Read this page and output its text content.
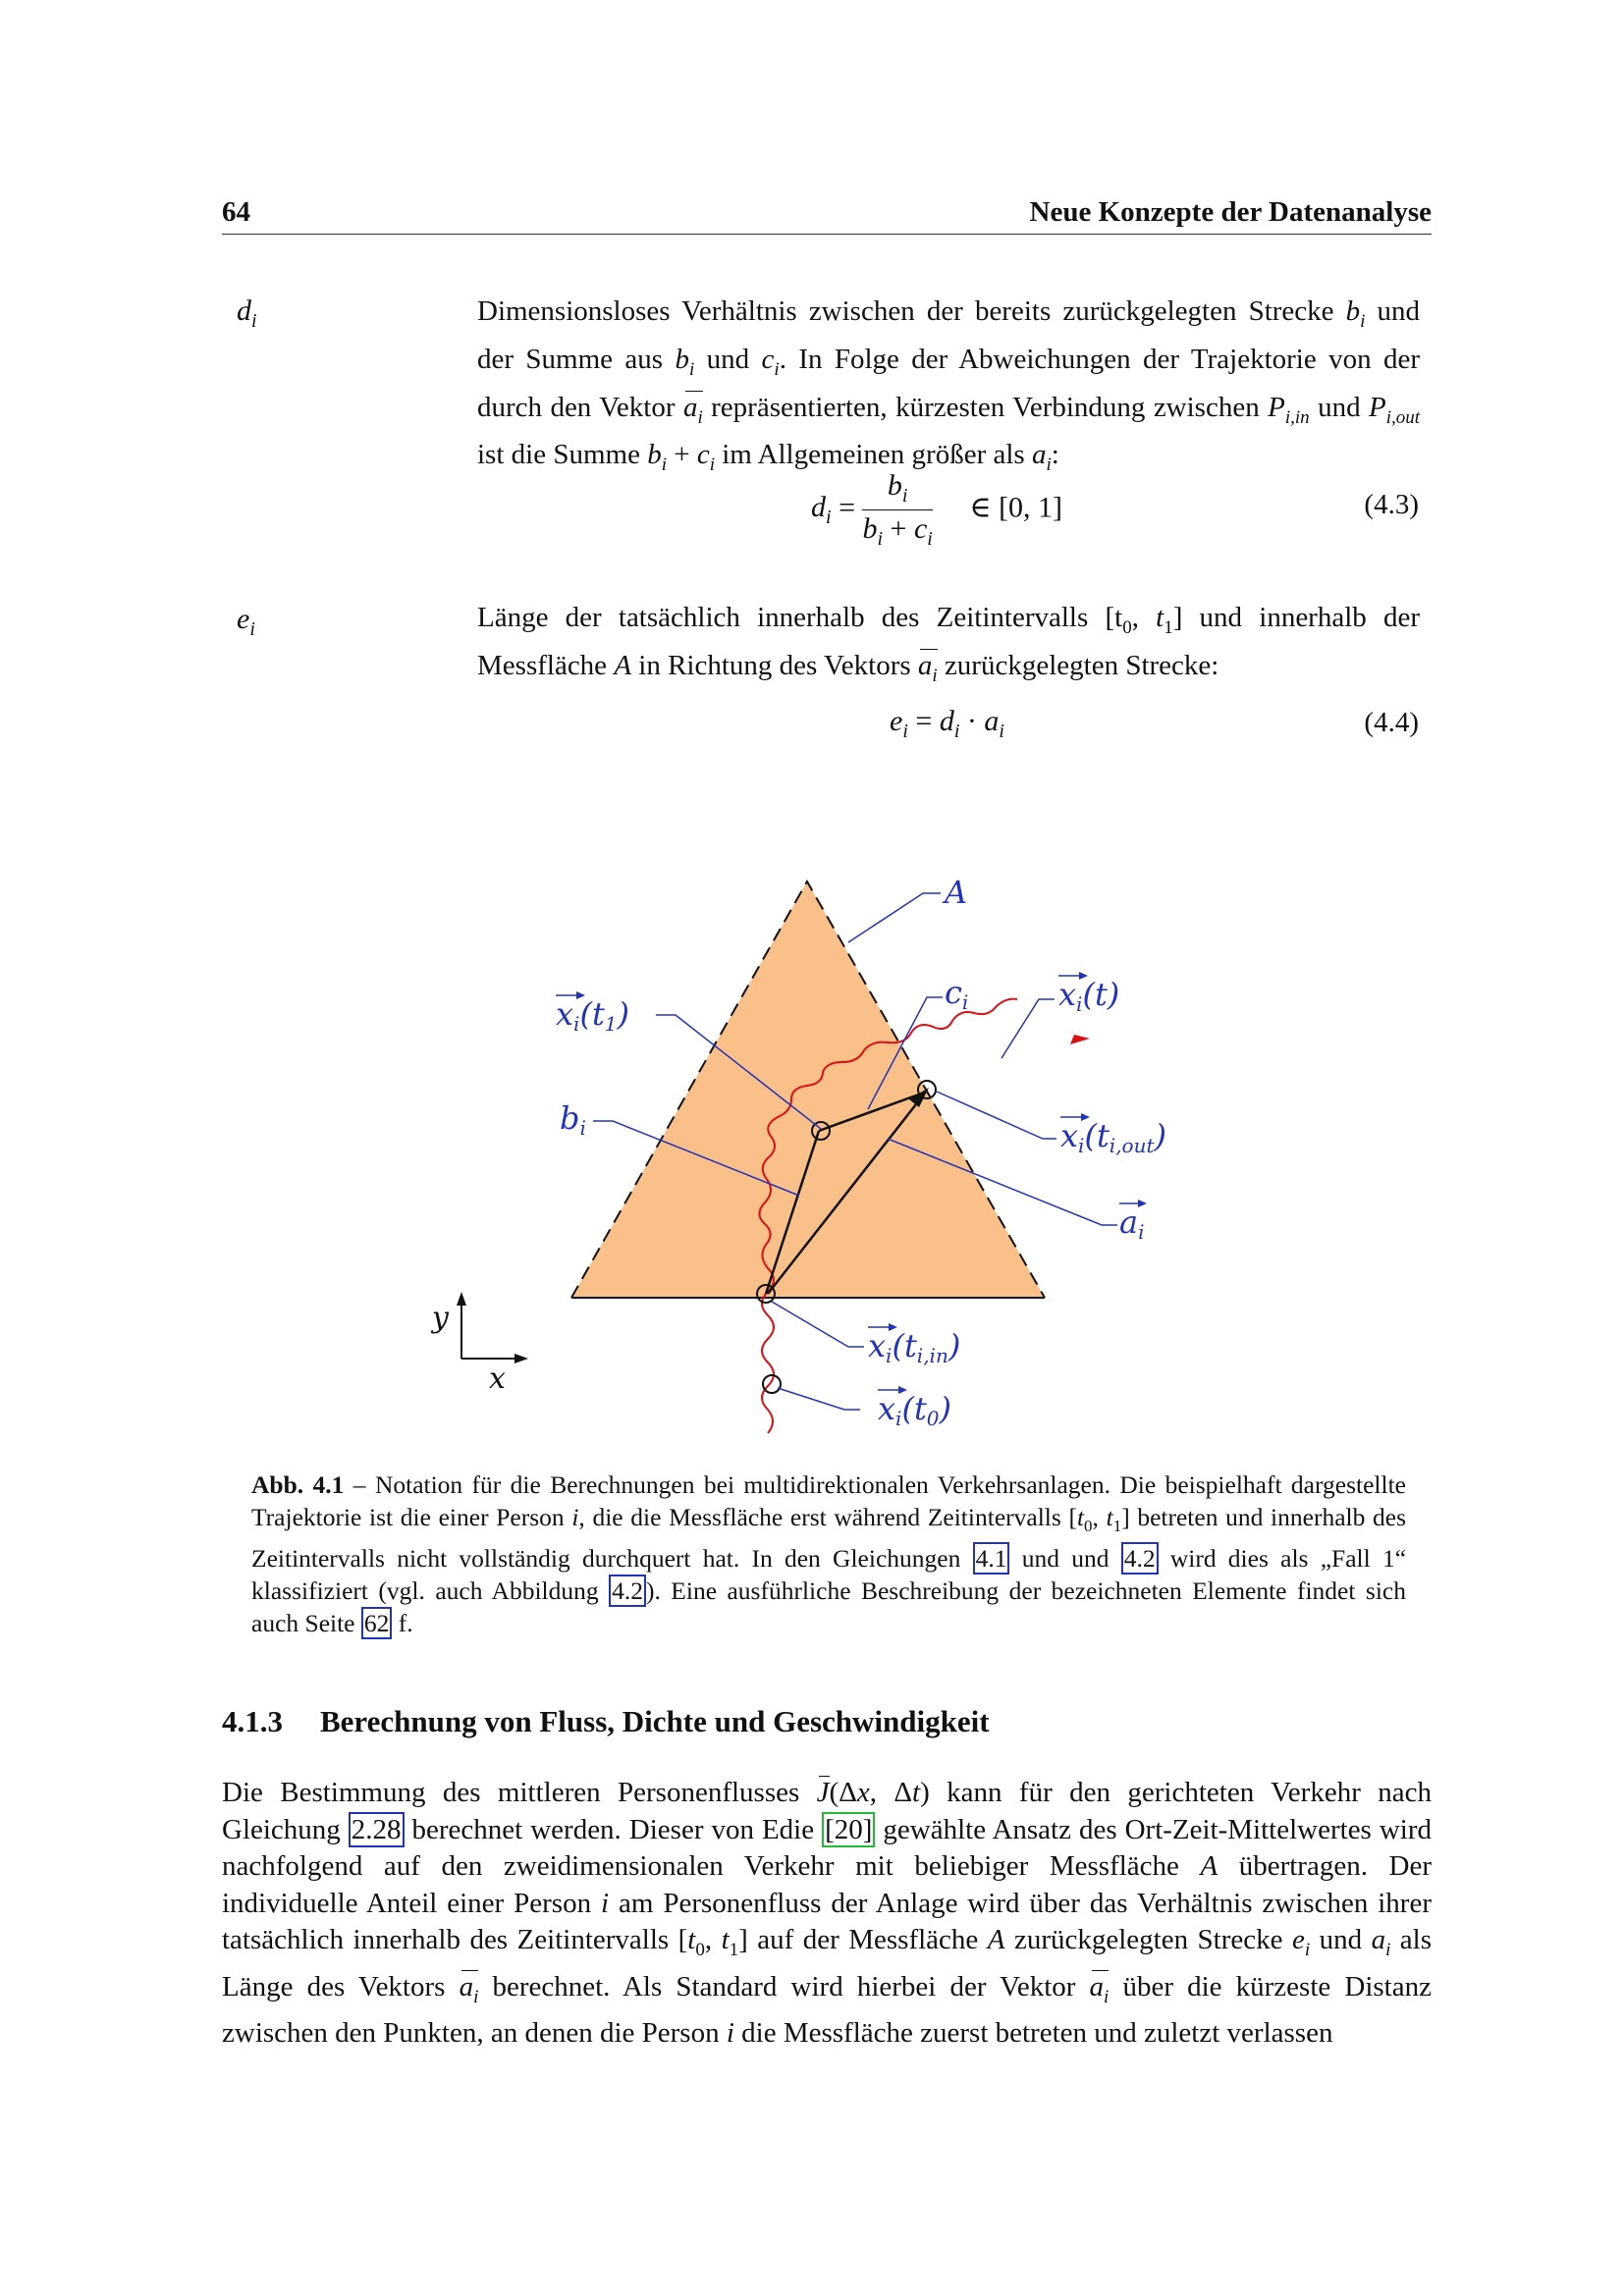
64	Neue Konzepte der Datenanalyse
$d_i$	Dimensionsloses Verhältnis zwischen der bereits zurückgelegten Strecke $b_i$ und der Summe aus $b_i$ und $c_i$. In Folge der Abweichungen der Trajektorie von der durch den Vektor $a_i$ repräsentierten, kürzesten Verbindung zwischen $P_{i,in}$ und $P_{i,out}$ ist die Summe $b_i + c_i$ im Allgemeinen größer als $a_i$:
$d_i = \frac{b_i}{b_i + c_i}$ ∈ [0, 1]	(4.3)
$e_i$	Länge der tatsächlich innerhalb des Zeitintervalls [$t_0$, $t_1$] und innerhalb der Messfläche A in Richtung des Vektors $a_i$ zurückgelegten Strecke:
$e_i = d_i \cdot a_i$	(4.4)
y
x
A
ci
bi
xi(t)
xi(t1)
xi(ti,out)
ai
xi(ti,in)
xi(t0)
Abb. 4.1 – Notation für die Berechnungen bei multidirektionalen Verkehrsanlagen. Die beispielhaft dargestellte Trajektorie ist die einer Person i, die die Messfläche erst während Zeitintervalls [$t_0$, $t_1$] betreten und innerhalb des Zeitintervalls nicht vollständig durchquert hat. In den Gleichungen 4.1 und und 4.2 wird dies als „Fall 1“ klassifiziert (vgl. auch Abbildung 4.2 ). Eine ausführliche Beschreibung der bezeichneten Elemente findet sich auch Seite 62 f.
4.1.3 Berechnung von Fluss, Dichte und Geschwindigkeit
Die Bestimmung des mittleren Personenflusses J(Δx, Δt) kann für den gerichteten Verkehr nach Gleichung 2.28 berechnet werden. Dieser von Edie [20] gewählte Ansatz des Ort-Zeit-Mittelwertes wird nachfolgend auf den zweidimensionalen Verkehr mit beliebiger Messfläche A übertragen. Der individuelle Anteil einer Person i am Personenfluss der Anlage wird über das Verhältnis zwischen ihrer tatsächlich innerhalb des Zeitintervalls [$t_0$, $t_1$] auf der Messfläche A zurückgelegten Strecke $e_i$ und $a_i$ als Länge des Vektors $a_i$ berechnet. Als Standard wird hierbei der Vektor $a_i$ über die kürzeste Distanz zwischen den Punkten, an denen die Person i die Messfläche zuerst betreten und zuletzt verlassen
